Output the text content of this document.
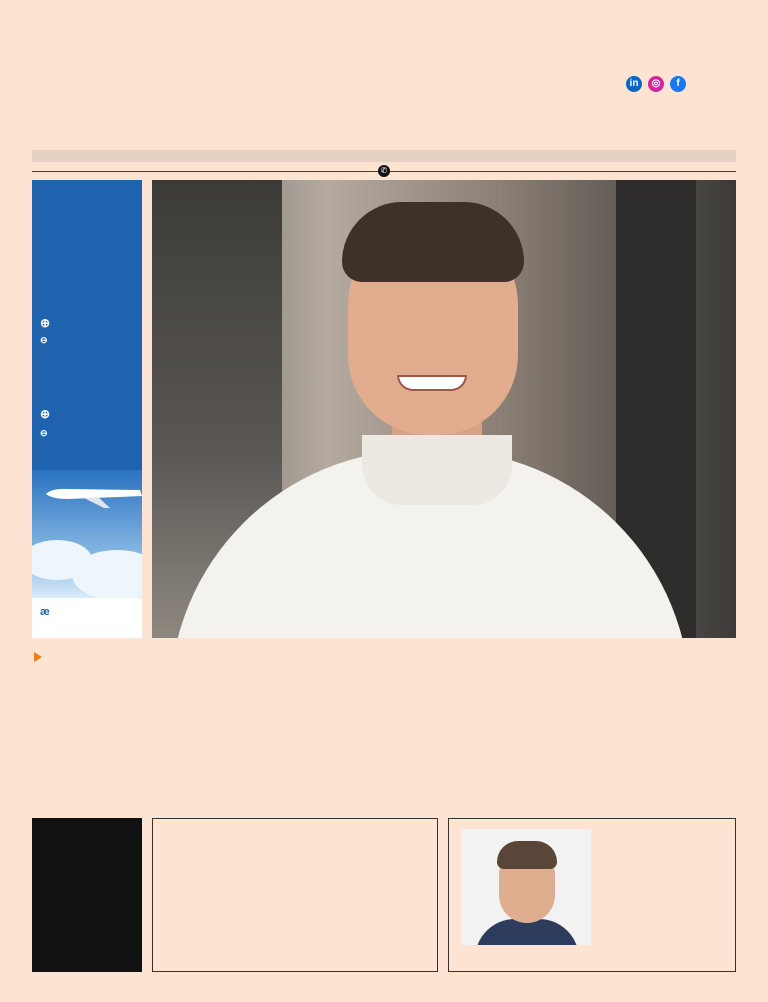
in	◎	f
✆
⊕
⊖
⊕
⊖
æ
